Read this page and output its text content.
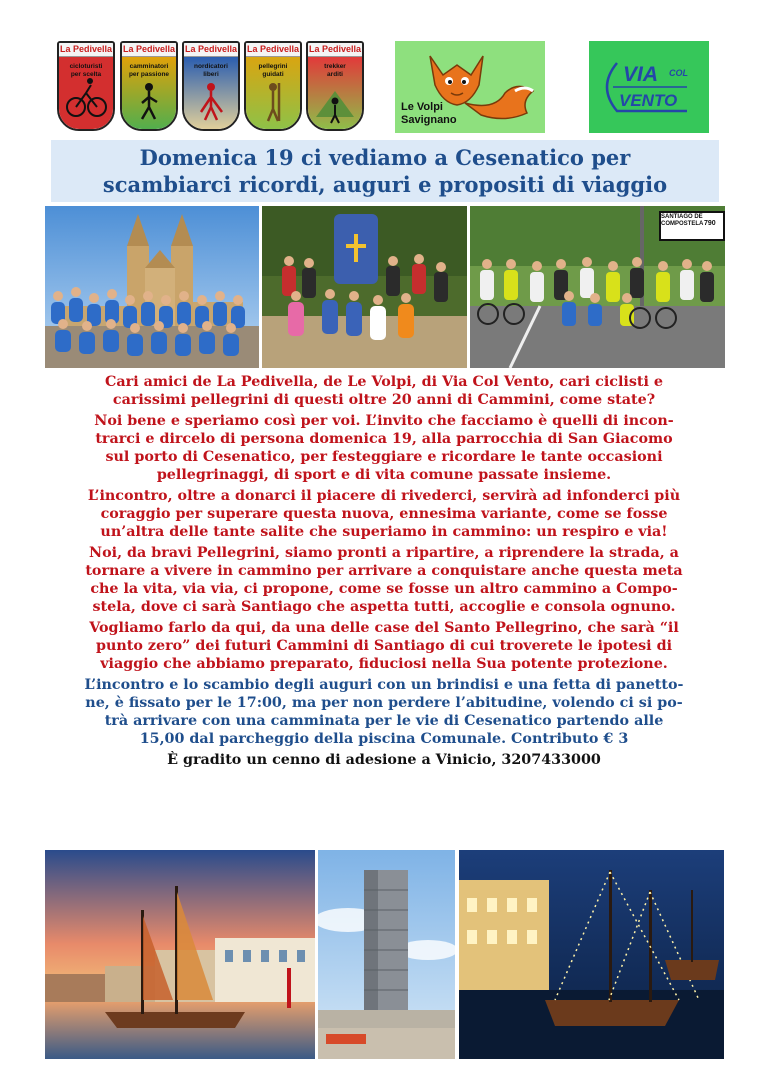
La Pedivella
cicloturisti
per scelta
La Pedivella
camminatori
per passione
La Pedivella
nordicatori
liberi
La Pedivella
pellegrini
guidati
La Pedivella
trekker
arditi
Le Volpi
Savignano
VIA COL
VENTO
Domenica 19 ci vediamo a Cesenatico per
scambiarci ricordi, auguri e propositi di viaggio
SANTIAGO DE
COMPOSTELA 790

Cari amici de La Pedivella, de Le Volpi, di Via Col Vento, cari ciclisti e
carissimi pellegrini di questi oltre 20 anni di Cammini, come state?

Noi bene e speriamo così per voi. L’invito che facciamo è quelli di incon-
trarci e dircelo di persona domenica 19, alla parrocchia di San Giacomo
sul porto di Cesenatico, per festeggiare e ricordare le tante occasioni
pellegrinaggi, di sport e di vita comune passate insieme.

L’incontro, oltre a donarci il piacere di rivederci, servirà ad infonderci più
coraggio per superare questa nuova, ennesima variante, come se fosse
un’altra delle tante salite che superiamo in cammino: un respiro e via!

Noi, da bravi Pellegrini, siamo pronti a ripartire, a riprendere la strada, a
tornare a vivere in cammino per arrivare a conquistare anche questa meta
che la vita, via via, ci propone, come se fosse un altro cammino a Compo-
stela, dove ci sarà Santiago che aspetta tutti, accoglie e consola ognuno.

Vogliamo farlo da qui, da una delle case del Santo Pellegrino, che sarà “il
punto zero” dei futuri Cammini di Santiago di cui troverete le ipotesi di
viaggio che abbiamo preparato, fiduciosi nella Sua potente protezione.

L’incontro e lo scambio degli auguri con un brindisi e una fetta di panetto-
ne, è fissato per le 17:00, ma per non perdere l’abitudine, volendo ci si po-
trà arrivare con una camminata per le vie di Cesenatico partendo alle
15,00 dal parcheggio della piscina Comunale. Contributo € 3

È gradito un cenno di adesione a Vinicio, 3207433000
